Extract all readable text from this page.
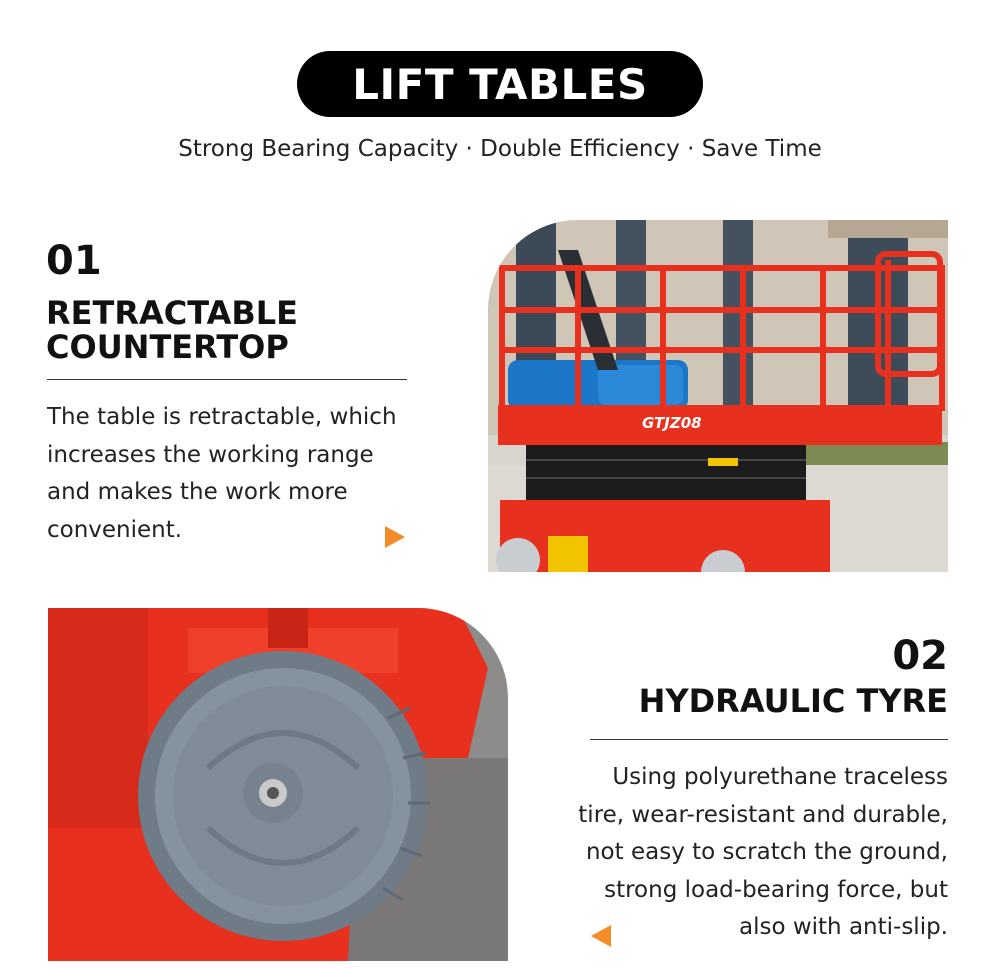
LIFT TABLES
Strong Bearing Capacity · Double Efficiency · Save Time
01
RETRACTABLE
COUNTERTOP
The table is retractable, which
increases the working range
and makes the work more
convenient.
GTJZ08
02
HYDRAULIC TYRE
Using polyurethane traceless
tire, wear-resistant and durable,
not easy to scratch the ground,
strong load-bearing force, but
also with anti-slip.
